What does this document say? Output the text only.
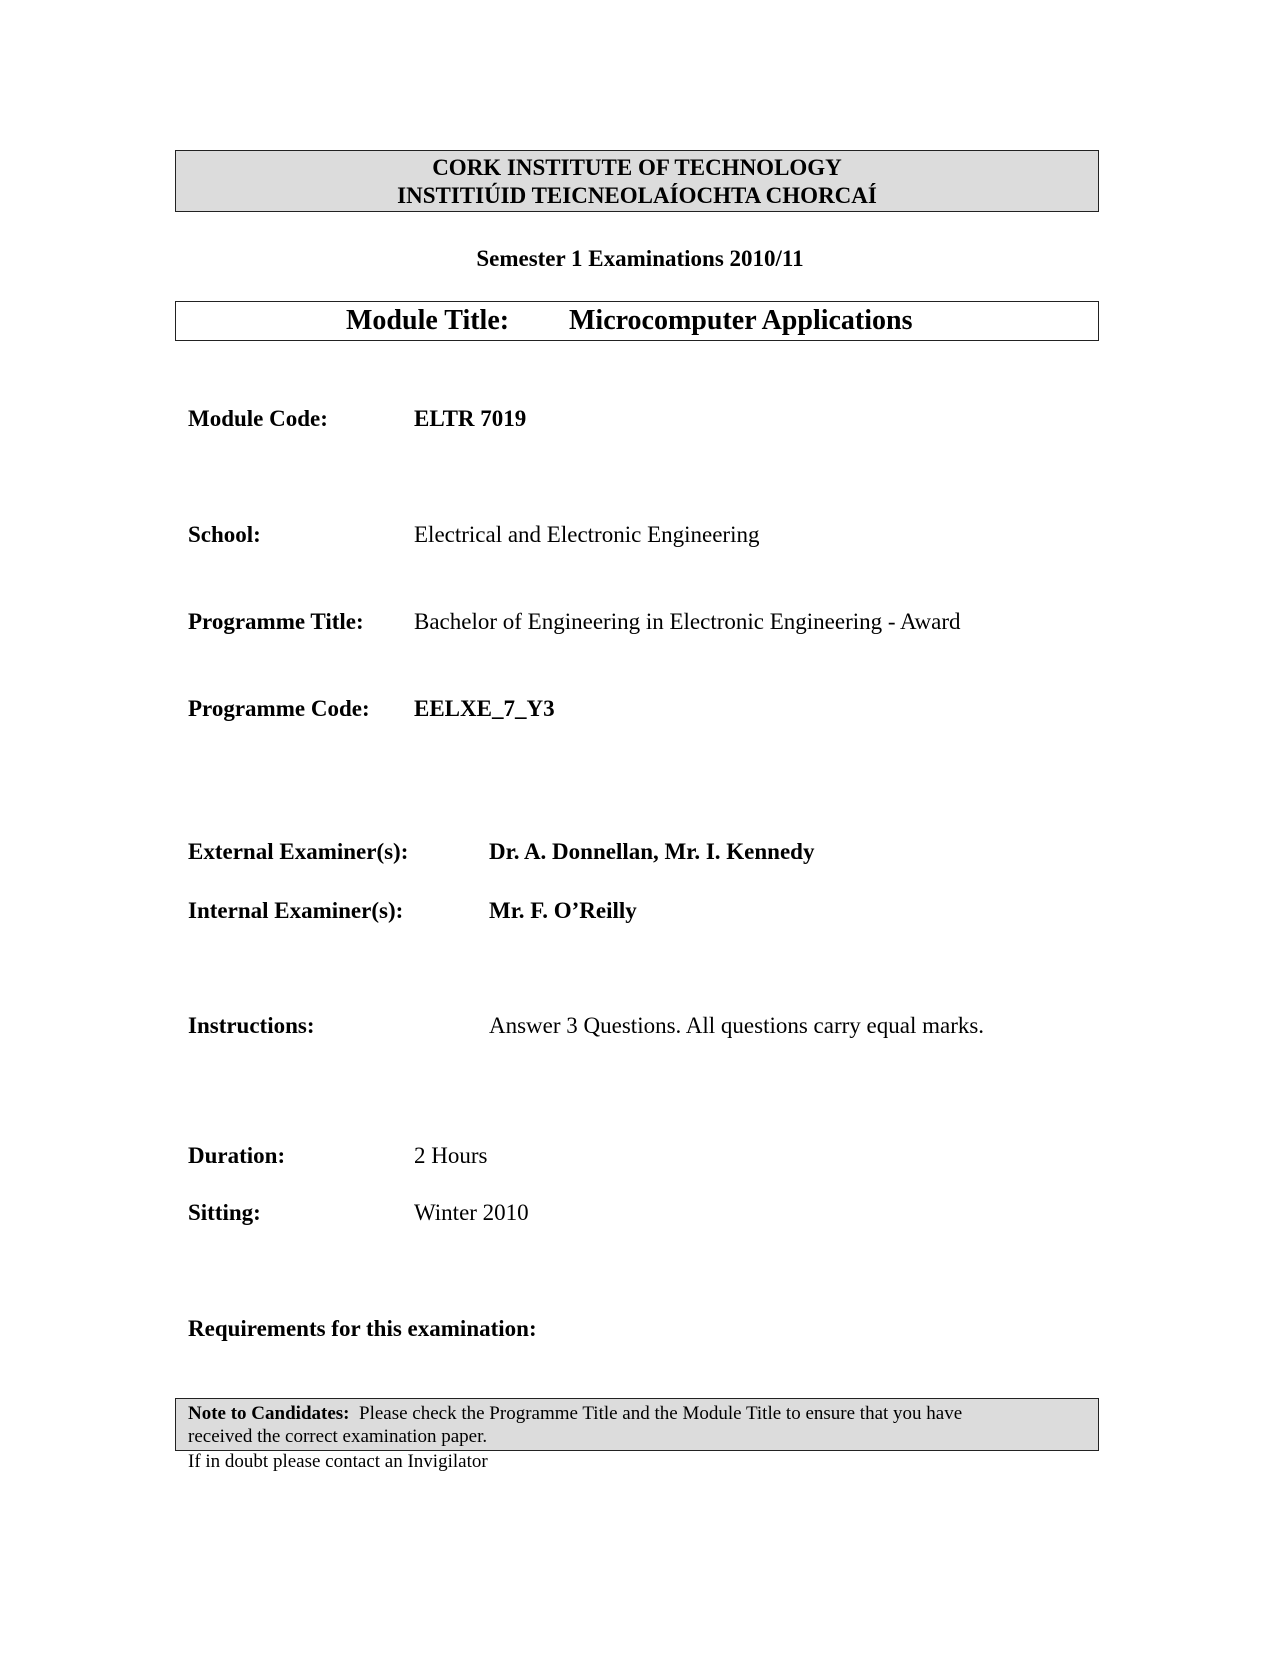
CORK INSTITUTE OF TECHNOLOGY
INSTITIÚID TEICNEOLAÍOCHTA CHORCAÍ
Semester 1 Examinations 2010/11
Module Title: Microcomputer Applications
Module Code:	ELTR 7019
School:	Electrical and Electronic Engineering
Programme Title: Bachelor of Engineering in Electronic Engineering - Award
Programme Code: EELXE_7_Y3
External Examiner(s):	Dr. A. Donnellan, Mr. I. Kennedy
Internal Examiner(s):	Mr. F. O’Reilly
Instructions:	Answer 3 Questions. All questions carry equal marks.
Duration:	2 Hours
Sitting:	Winter 2010
Requirements for this examination:
Note to Candidates: Please check the Programme Title and the Module Title to ensure that you have
received the correct examination paper.
If in doubt please contact an Invigilator
